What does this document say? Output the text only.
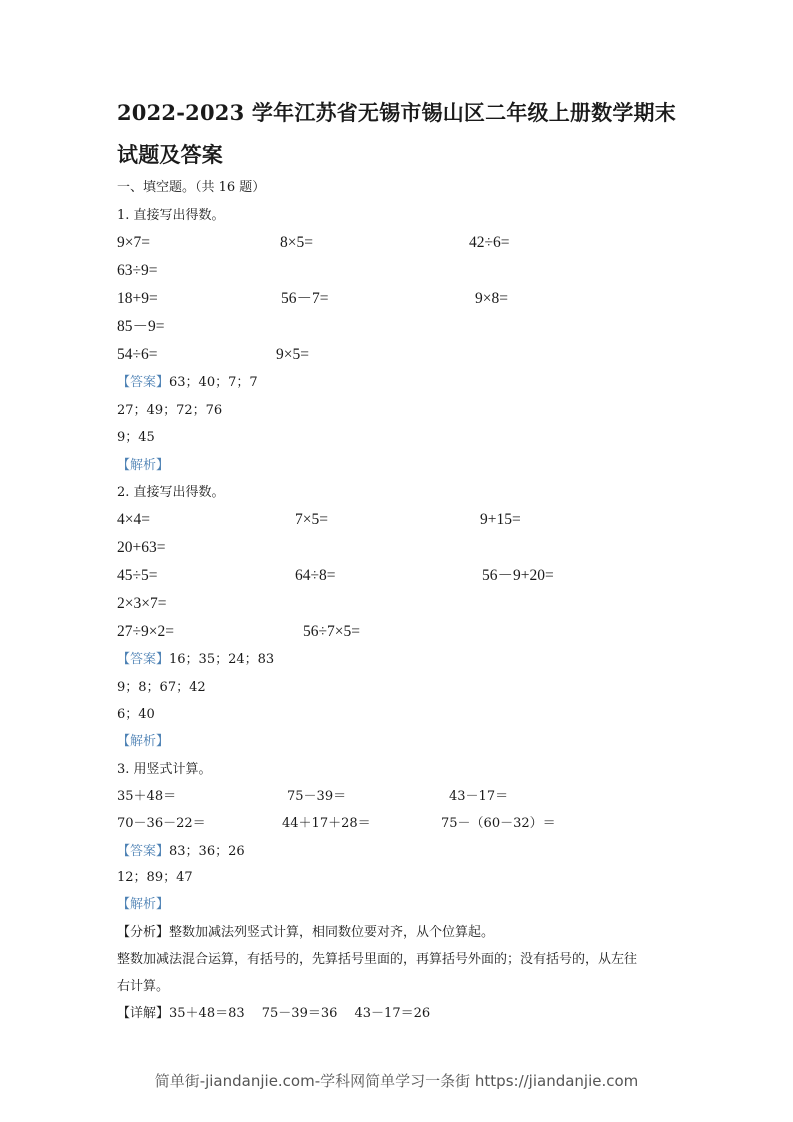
2022-2023 学年江苏省无锡市锡山区二年级上册数学期末试题及答案
一、填空题。（共 16 题）
1. 直接写出得数。
9×7=	8×5=	42÷6=
63÷9=
18+9=	56－7=	9×8=
85－9=
54÷6=	9×5=
【答案】63；40；7；7
27；49；72；76
9；45
【解析】
2. 直接写出得数。
4×4=	7×5=	9+15=
20+63=
45÷5=	64÷8=	56－9+20=
2×3×7=
27÷9×2=	56÷7×5=
【答案】16；35；24；83
9；8；67；42
6；40
【解析】
3. 用竖式计算。
35＋48＝	75－39＝	43－17＝
70－36－22＝	44＋17＋28＝	75－（60－32）＝
【答案】83；36；26
12；89；47
【解析】
【分析】整数加减法列竖式计算，相同数位要对齐，从个位算起。
整数加减法混合运算，有括号的，先算括号里面的，再算括号外面的；没有括号的，从左往
右计算。
【详解】35＋48＝83　 75－39＝36　 43－17＝26
简单街-jiandanjie.com-学科网简单学习一条街 https://jiandanjie.com
